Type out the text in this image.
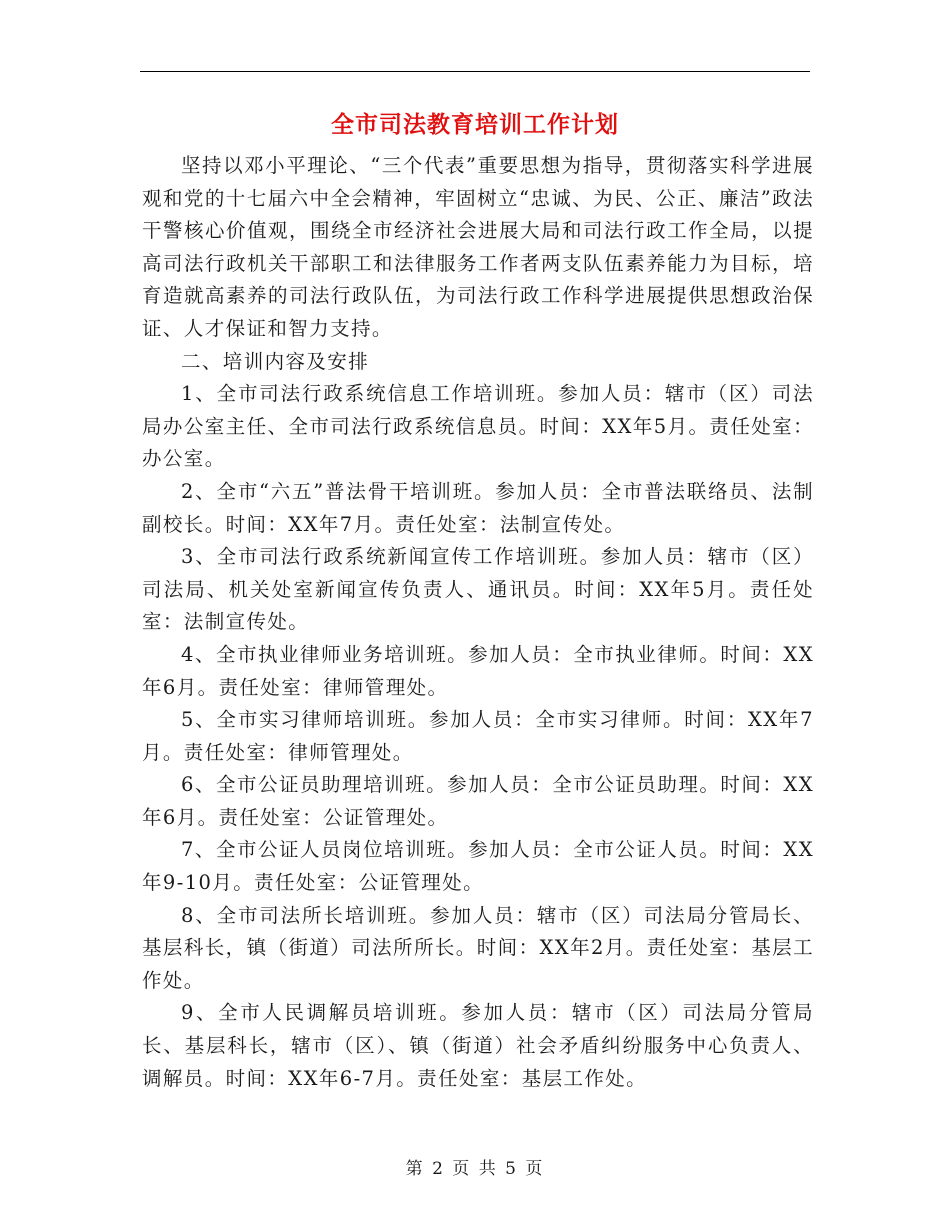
全市司法教育培训工作计划

坚持以邓小平理论、“三个代表”重要思想为指导，贯彻落实科学进展观和党的十七届六中全会精神，牢固树立“忠诚、为民、公正、廉洁”政法干警核心价值观，围绕全市经济社会进展大局和司法行政工作全局，以提高司法行政机关干部职工和法律服务工作者两支队伍素养能力为目标，培育造就高素养的司法行政队伍，为司法行政工作科学进展提供思想政治保证、人才保证和智力支持。

二、培训内容及安排

1、全市司法行政系统信息工作培训班。参加人员：辖市（区）司法局办公室主任、全市司法行政系统信息员。时间：XX年5月。责任处室：办公室。

2、全市“六五”普法骨干培训班。参加人员：全市普法联络员、法制副校长。时间：XX年7月。责任处室：法制宣传处。

3、全市司法行政系统新闻宣传工作培训班。参加人员：辖市（区）司法局、机关处室新闻宣传负责人、通讯员。时间：XX年5月。责任处室：法制宣传处。

4、全市执业律师业务培训班。参加人员：全市执业律师。时间：XX年6月。责任处室：律师管理处。

5、全市实习律师培训班。参加人员：全市实习律师。时间：XX年7月。责任处室：律师管理处。

6、全市公证员助理培训班。参加人员：全市公证员助理。时间：XX年6月。责任处室：公证管理处。

7、全市公证人员岗位培训班。参加人员：全市公证人员。时间：XX年9-10月。责任处室：公证管理处。

8、全市司法所长培训班。参加人员：辖市（区）司法局分管局长、基层科长，镇（街道）司法所所长。时间：XX年2月。责任处室：基层工作处。

9、全市人民调解员培训班。参加人员：辖市（区）司法局分管局长、基层科长，辖市（区）、镇（街道）社会矛盾纠纷服务中心负责人、调解员。时间：XX年6-7月。责任处室：基层工作处。

第 2 页 共 5 页
